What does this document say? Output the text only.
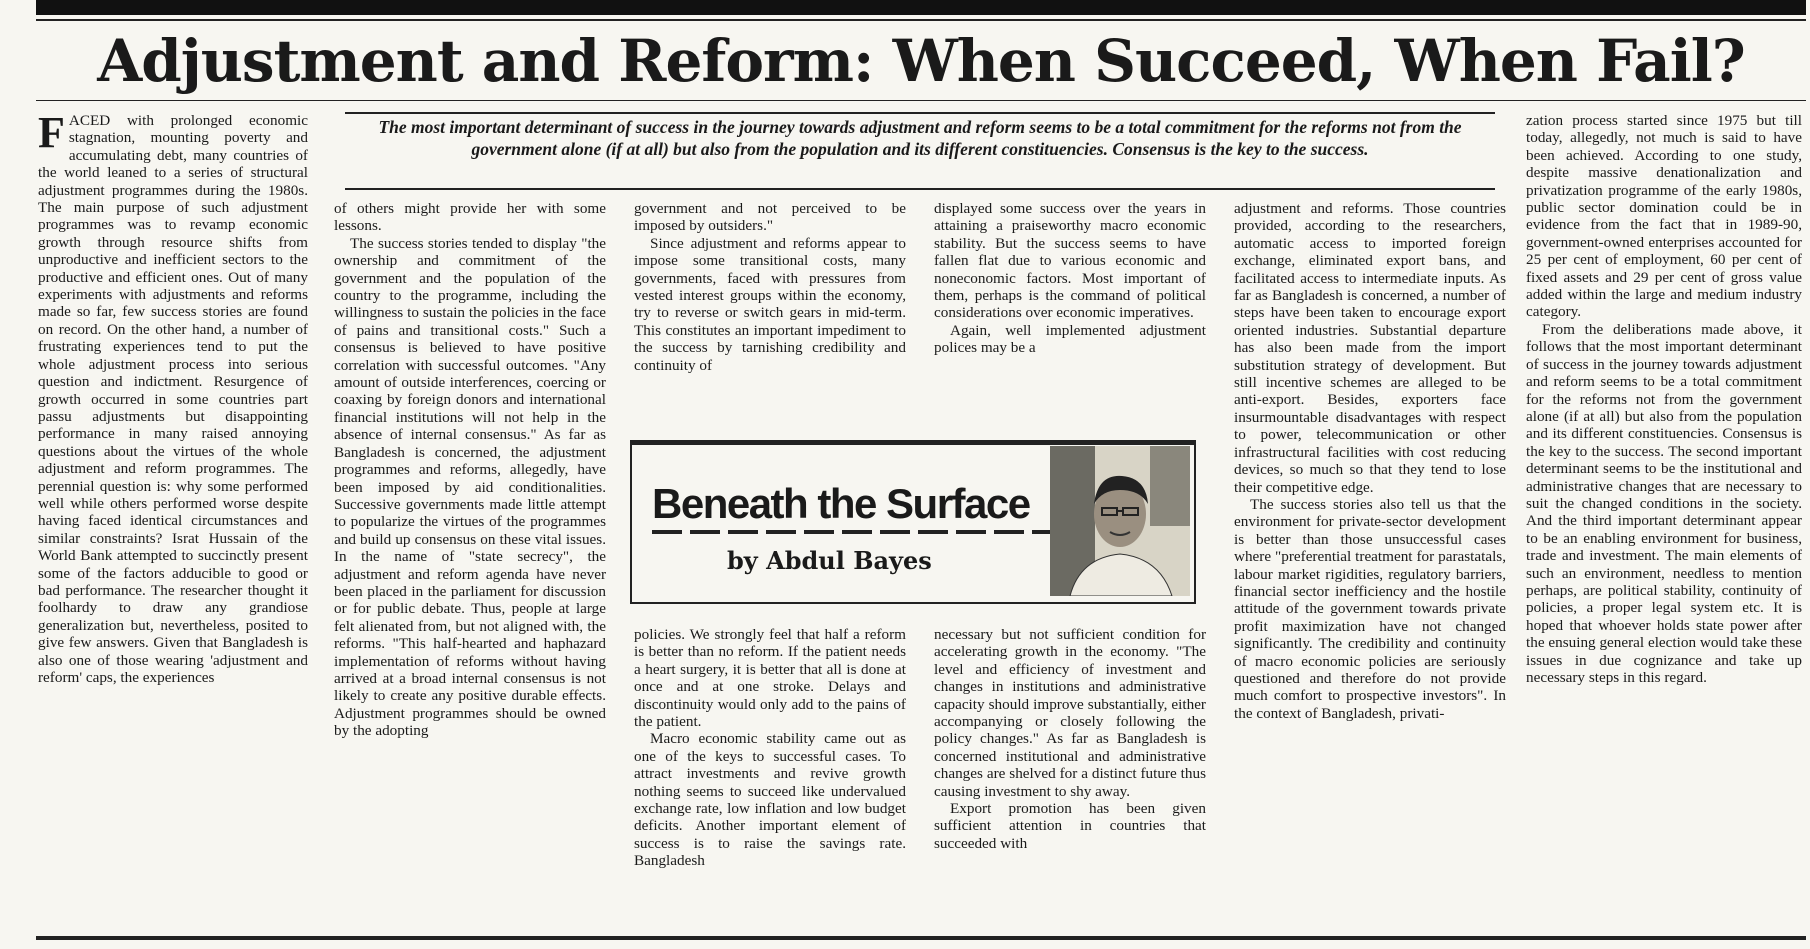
Adjustment and Reform: When Succeed, When Fail?

FACED with prolonged economic stagnation, mounting poverty and accumulating debt, many countries of the world leaned to a series of structural adjustment programmes during the 1980s. The main purpose of such adjustment programmes was to revamp economic growth through resource shifts from unproductive and inefficient sectors to the productive and efficient ones. Out of many experiments with adjustments and reforms made so far, few success stories are found on record. On the other hand, a number of frustrating experiences tend to put the whole adjustment process into serious question and indictment. Resurgence of growth occurred in some countries part passu adjustments but disappointing performance in many raised annoying questions about the virtues of the whole adjustment and reform programmes. The perennial question is: why some performed well while others performed worse despite having faced identical circumstances and similar constraints? Israt Hussain of the World Bank attempted to succinctly present some of the factors adducible to good or bad performance. The researcher thought it foolhardy to draw any grandiose generalization but, nevertheless, posited to give few answers. Given that Bangladesh is also one of those wearing 'adjustment and reform' caps, the experiences

The most important determinant of success in the journey towards adjustment and reform seems to be a total commitment for the reforms not from the government alone (if at all) but also from the population and its different constituencies. Consensus is the key to the success.

of others might provide her with some lessons.

The success stories tended to display "the ownership and commitment of the government and the population of the country to the programme, including the willingness to sustain the policies in the face of pains and transitional costs." Such a consensus is believed to have positive correlation with successful outcomes. "Any amount of outside interferences, coercing or coaxing by foreign donors and international financial institutions will not help in the absence of internal consensus." As far as Bangladesh is concerned, the adjustment programmes and reforms, allegedly, have been imposed by aid conditionalities. Successive governments made little attempt to popularize the virtues of the programmes and build up consensus on these vital issues. In the name of "state secrecy", the adjustment and reform agenda have never been placed in the parliament for discussion or for public debate. Thus, people at large felt alienated from, but not aligned with, the reforms. "This half-hearted and haphazard implementation of reforms without having arrived at a broad internal consensus is not likely to create any positive durable effects. Adjustment programmes should be owned by the adopting

government and not perceived to be imposed by outsiders."

Since adjustment and reforms appear to impose some transitional costs, many governments, faced with pressures from vested interest groups within the economy, try to reverse or switch gears in mid-term. This constitutes an important impediment to the success by tarnishing credibility and continuity of

displayed some success over the years in attaining a praiseworthy macro economic stability. But the success seems to have fallen flat due to various economic and noneconomic factors. Most important of them, perhaps is the command of political considerations over economic imperatives.

Again, well implemented adjustment polices may be a

Beneath the Surface
by Abdul Bayes

policies. We strongly feel that half a reform is better than no reform. If the patient needs a heart surgery, it is better that all is done at once and at one stroke. Delays and discontinuity would only add to the pains of the patient.

Macro economic stability came out as one of the keys to successful cases. To attract investments and revive growth nothing seems to succeed like undervalued exchange rate, low inflation and low budget deficits. Another important element of success is to raise the savings rate. Bangladesh

necessary but not sufficient condition for accelerating growth in the economy. "The level and efficiency of investment and changes in institutions and administrative capacity should improve substantially, either accompanying or closely following the policy changes." As far as Bangladesh is concerned institutional and administrative changes are shelved for a distinct future thus causing investment to shy away.

Export promotion has been given sufficient attention in countries that succeeded with

adjustment and reforms. Those countries provided, according to the researchers, automatic access to imported foreign exchange, eliminated export bans, and facilitated access to intermediate inputs. As far as Bangladesh is concerned, a number of steps have been taken to encourage export oriented industries. Substantial departure has also been made from the import substitution strategy of development. But still incentive schemes are alleged to be anti-export. Besides, exporters face insurmountable disadvantages with respect to power, telecommunication or other infrastructural facilities with cost reducing devices, so much so that they tend to lose their competitive edge.

The success stories also tell us that the environment for private-sector development is better than those unsuccessful cases where "preferential treatment for parastatals, labour market rigidities, regulatory barriers, financial sector inefficiency and the hostile attitude of the government towards private profit maximization have not changed significantly. The credibility and continuity of macro economic policies are seriously questioned and therefore do not provide much comfort to prospective investors". In the context of Bangladesh, privati-

zation process started since 1975 but till today, allegedly, not much is said to have been achieved. According to one study, despite massive denationalization and privatization programme of the early 1980s, public sector domination could be in evidence from the fact that in 1989-90, government-owned enterprises accounted for 25 per cent of employment, 60 per cent of fixed assets and 29 per cent of gross value added within the large and medium industry category.

From the deliberations made above, it follows that the most important determinant of success in the journey towards adjustment and reform seems to be a total commitment for the reforms not from the government alone (if at all) but also from the population and its different constituencies. Consensus is the key to the success. The second important determinant seems to be the institutional and administrative changes that are necessary to suit the changed conditions in the society. And the third important determinant appear to be an enabling environment for business, trade and investment. The main elements of such an environment, needless to mention perhaps, are political stability, continuity of policies, a proper legal system etc. It is hoped that whoever holds state power after the ensuing general election would take these issues in due cognizance and take up necessary steps in this regard.
